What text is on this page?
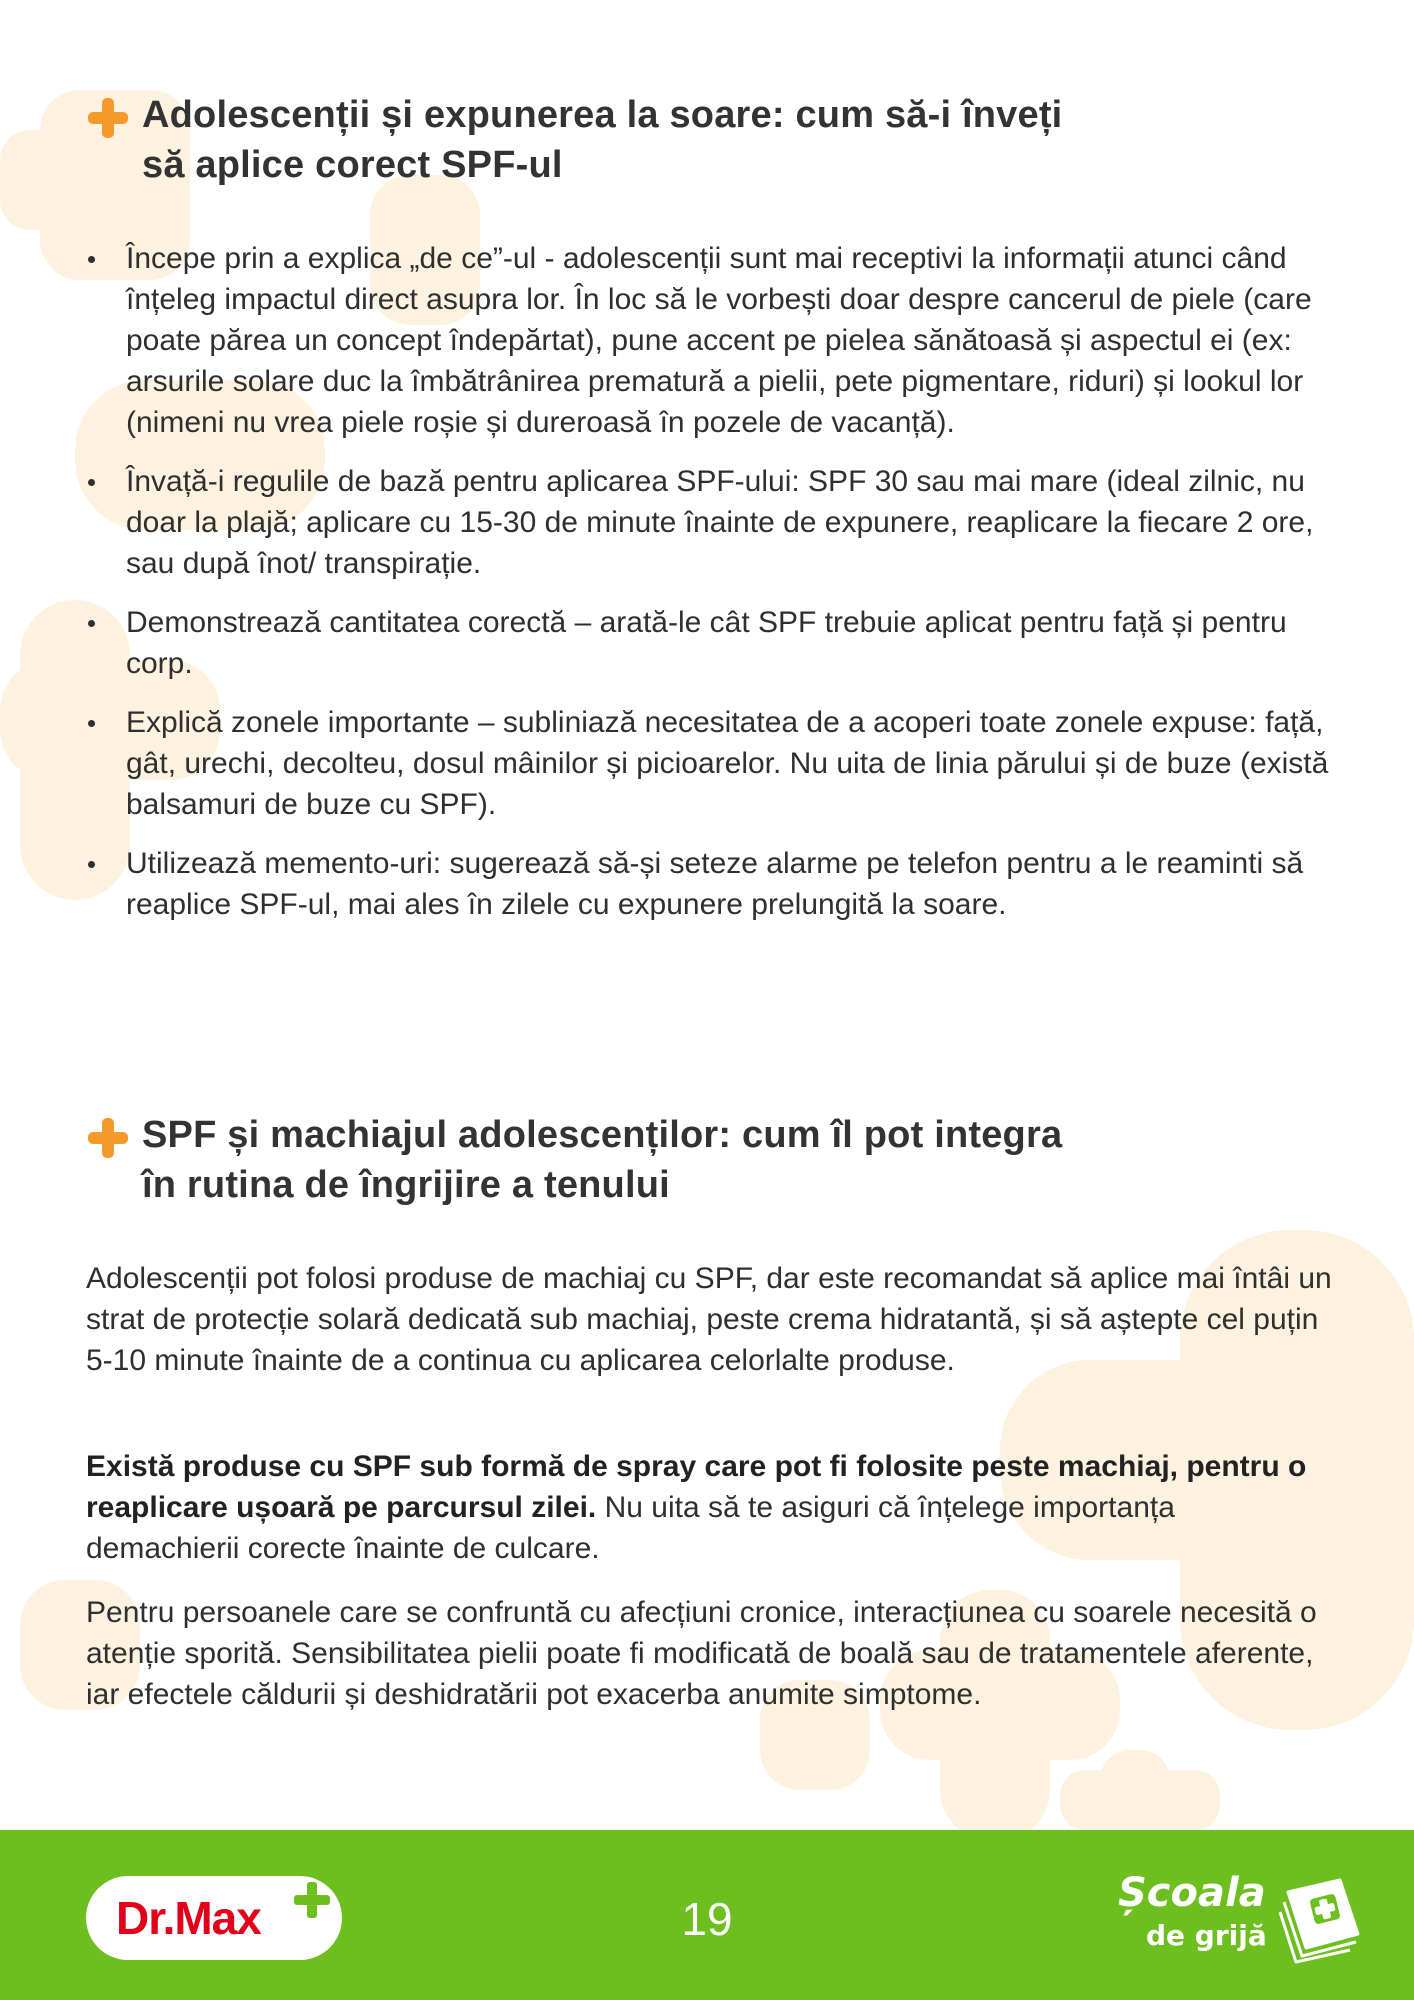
Adolescenții și expunerea la soare: cum să-i înveți
să aplice corect SPF-ul
Începe prin a explica „de ce”-ul - adolescenții sunt mai receptivi la informații atunci când înțeleg impactul direct asupra lor. În loc să le vorbești doar despre cancerul de piele (care poate părea un concept îndepărtat), pune accent pe pielea sănătoasă și aspectul ei (ex: arsurile solare duc la îmbătrânirea prematură a pielii, pete pigmentare, riduri) și lookul lor (nimeni nu vrea piele roșie și dureroasă în pozele de vacanță).
Învață-i regulile de bază pentru aplicarea SPF-ului: SPF 30 sau mai mare (ideal zilnic, nu doar la plajă; aplicare cu 15-30 de minute înainte de expunere, reaplicare la fiecare 2 ore, sau după înot/ transpirație.
Demonstrează cantitatea corectă – arată-le cât SPF trebuie aplicat pentru față și pentru corp.
Explică zonele importante – subliniază necesitatea de a acoperi toate zonele expuse: față, gât, urechi, decolteu, dosul mâinilor și picioarelor. Nu uita de linia părului și de buze (există balsamuri de buze cu SPF).
Utilizează memento-uri: sugerează să-și seteze alarme pe telefon pentru a le reaminti să reaplice SPF-ul, mai ales în zilele cu expunere prelungită la soare.
SPF și machiajul adolescenților: cum îl pot integra
în rutina de îngrijire a tenului

Adolescenții pot folosi produse de machiaj cu SPF, dar este recomandat să aplice mai întâi un strat de protecție solară dedicată sub machiaj, peste crema hidratantă, și să aștepte cel puțin 5-10 minute înainte de a continua cu aplicarea celorlalte produse.

Există produse cu SPF sub formă de spray care pot fi folosite peste machiaj, pentru o reaplicare ușoară pe parcursul zilei. Nu uita să te asiguri că înțelege importanța demachierii corecte înainte de culcare.

Pentru persoanele care se confruntă cu afecțiuni cronice, interacțiunea cu soarele necesită o atenție sporită. Sensibilitatea pielii poate fi modificată de boală sau de tratamentele aferente, iar efectele căldurii și deshidratării pot exacerba anumite simptome.

Dr.Max	19	Școala
de grijă
